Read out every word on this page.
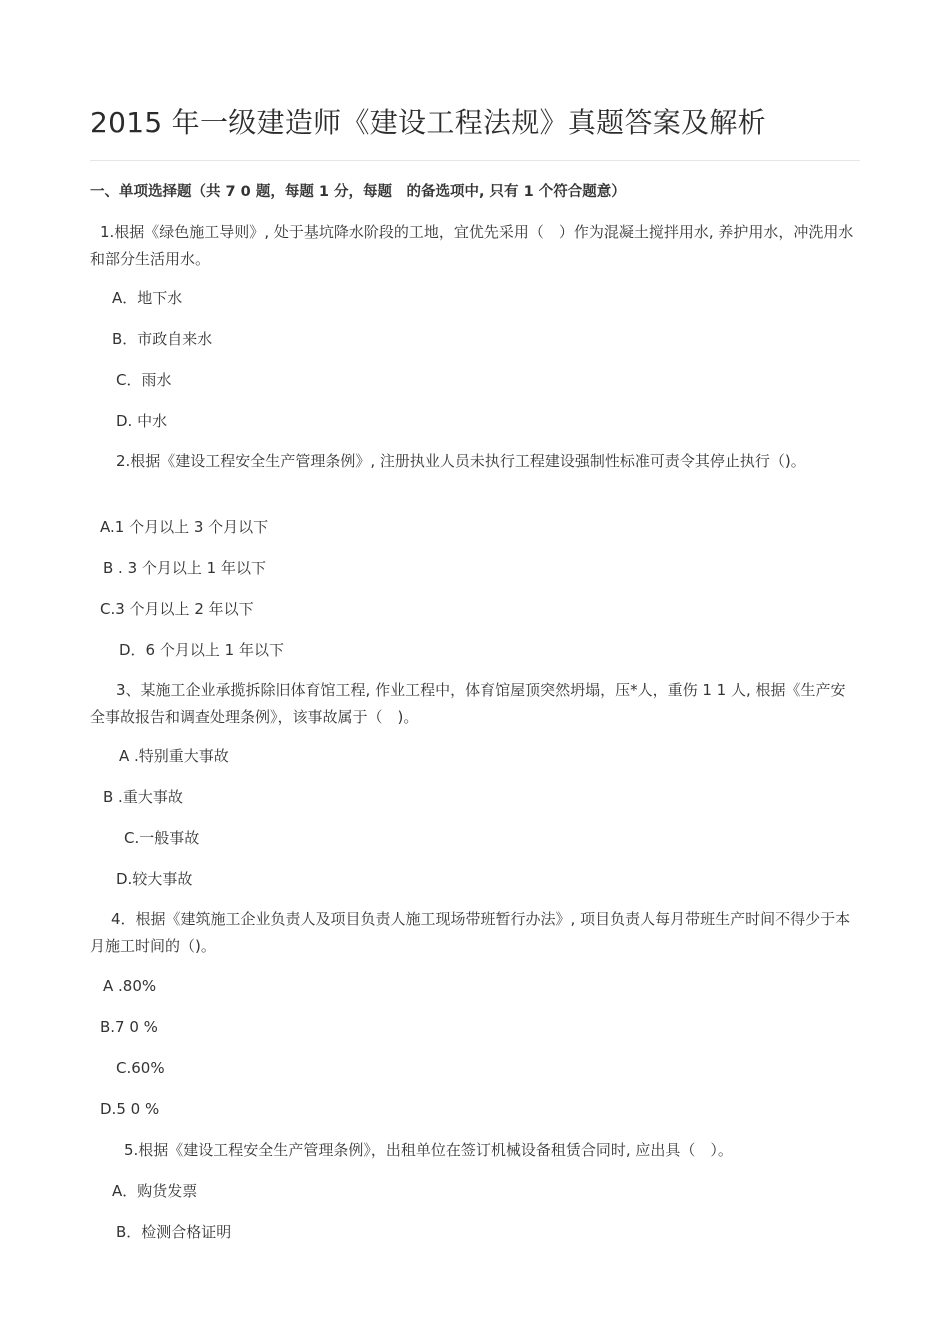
2015 年一级建造师《建设工程法规》真题答案及解析
一、单项选择题（共 7 0 题，每题 1 分，每题　的备选项中, 只有 1 个符合题意）
1.根据《绿色施工导则》, 处于基坑降水阶段的工地，宜优先采用（　）作为混凝土搅拌用水, 养护用水，冲洗用水和部分生活用水。
A．地下水
B．市政自来水
C．雨水
D. 中水
2.根据《建设工程安全生产管理条例》, 注册执业人员未执行工程建设强制性标准可责令其停止执行（)。
A.1 个月以上 3 个月以下
B . 3 个月以上 1 年以下
C.3 个月以上 2 年以下
D．6 个月以上 1 年以下
3、某施工企业承揽拆除旧体育馆工程, 作业工程中，体育馆屋顶突然坍塌，压*人，重伤 1 1 人, 根据《生产安全事故报告和调查处理条例》，该事故属于（　)。
A .特别重大事故
B .重大事故
C.一般事故
D.较大事故
4．根据《建筑施工企业负责人及项目负责人施工现场带班暂行办法》, 项目负责人每月带班生产时间不得少于本月施工时间的（)。
A .80%
B.7 0 %
C.60%
D.5 0 %
5.根据《建设工程安全生产管理条例》，出租单位在签订机械设备租赁合同时, 应出具（　）。
A．购货发票
B．检测合格证明
